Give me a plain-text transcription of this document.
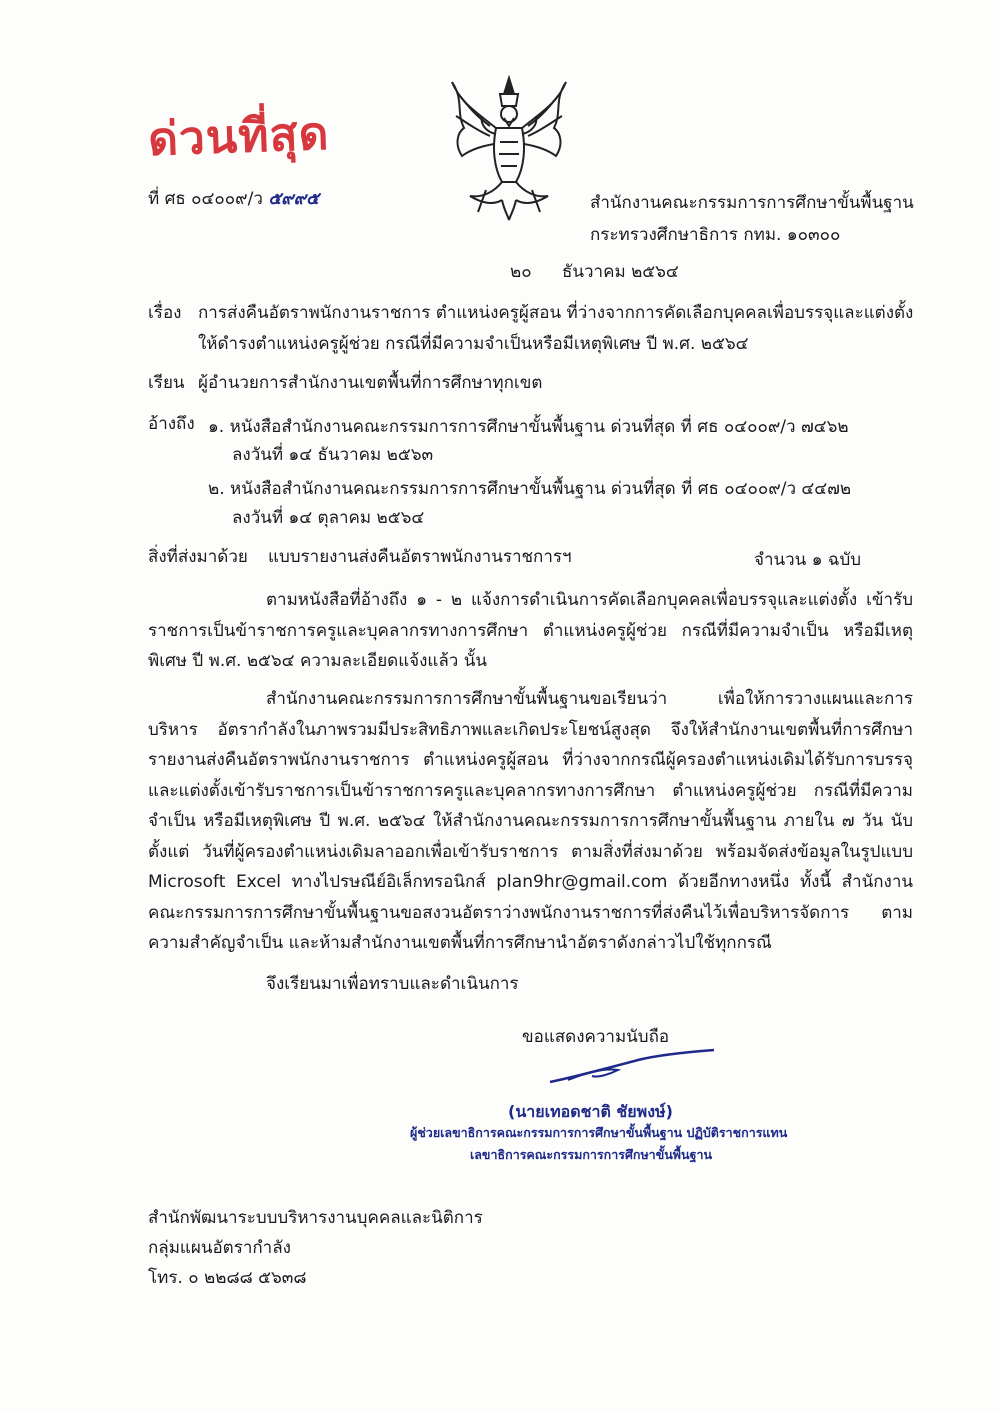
ด่วนที่สุด
ที่ ศธ ๐๔๐๐๙/ว ๕๙๙๕	สำนักงานคณะกรรมการการศึกษาขั้นพื้นฐาน
กระทรวงศึกษาธิการ กทม. ๑๐๓๐๐
๒๐ ธันวาคม ๒๕๖๔
เรื่อง การส่งคืนอัตราพนักงานราชการ ตำแหน่งครูผู้สอน ที่ว่างจากการคัดเลือกบุคคลเพื่อบรรจุและแต่งตั้ง
ให้ดำรงตำแหน่งครูผู้ช่วย กรณีที่มีความจำเป็นหรือมีเหตุพิเศษ ปี พ.ศ. ๒๕๖๔
เรียน ผู้อำนวยการสำนักงานเขตพื้นที่การศึกษาทุกเขต
อ้างถึง ๑. หนังสือสำนักงานคณะกรรมการการศึกษาขั้นพื้นฐาน ด่วนที่สุด ที่ ศธ ๐๔๐๐๙/ว ๗๔๖๒
ลงวันที่ ๑๔ ธันวาคม ๒๕๖๓
๒. หนังสือสำนักงานคณะกรรมการการศึกษาขั้นพื้นฐาน ด่วนที่สุด ที่ ศธ ๐๔๐๐๙/ว ๔๔๗๒
ลงวันที่ ๑๔ ตุลาคม ๒๕๖๔
สิ่งที่ส่งมาด้วย แบบรายงานส่งคืนอัตราพนักงานราชการฯ	จำนวน ๑ ฉบับ
ตามหนังสือที่อ้างถึง ๑ - ๒ แจ้งการดำเนินการคัดเลือกบุคคลเพื่อบรรจุและแต่งตั้ง เข้ารับราชการเป็นข้าราชการครูและบุคลากรทางการศึกษา ตำแหน่งครูผู้ช่วย กรณีที่มีความจำเป็น หรือมีเหตุพิเศษ ปี พ.ศ. ๒๕๖๔ ความละเอียดแจ้งแล้ว นั้น
สำนักงานคณะกรรมการการศึกษาขั้นพื้นฐานขอเรียนว่า เพื่อให้การวางแผนและการบริหาร อัตรากำลังในภาพรวมมีประสิทธิภาพและเกิดประโยชน์สูงสุด จึงให้สำนักงานเขตพื้นที่การศึกษา รายงานส่งคืนอัตราพนักงานราชการ ตำแหน่งครูผู้สอน ที่ว่างจากกรณีผู้ครองตำแหน่งเดิมได้รับการบรรจุ และแต่งตั้งเข้ารับราชการเป็นข้าราชการครูและบุคลากรทางการศึกษา ตำแหน่งครูผู้ช่วย กรณีที่มีความจำเป็น หรือมีเหตุพิเศษ ปี พ.ศ. ๒๕๖๔ ให้สำนักงานคณะกรรมการการศึกษาขั้นพื้นฐาน ภายใน ๗ วัน นับตั้งแต่ วันที่ผู้ครองตำแหน่งเดิมลาออกเพื่อเข้ารับราชการ ตามสิ่งที่ส่งมาด้วย พร้อมจัดส่งข้อมูลในรูปแบบ Microsoft Excel ทางไปรษณีย์อิเล็กทรอนิกส์ plan9hr@gmail.com ด้วยอีกทางหนึ่ง ทั้งนี้ สำนักงาน คณะกรรมการการศึกษาขั้นพื้นฐานขอสงวนอัตราว่างพนักงานราชการที่ส่งคืนไว้เพื่อบริหารจัดการ ตามความสำคัญจำเป็น และห้ามสำนักงานเขตพื้นที่การศึกษานำอัตราดังกล่าวไปใช้ทุกกรณี
จึงเรียนมาเพื่อทราบและดำเนินการ
ขอแสดงความนับถือ
(นายเทอดชาติ ชัยพงษ์)
ผู้ช่วยเลขาธิการคณะกรรมการการศึกษาขั้นพื้นฐาน ปฏิบัติราชการแทน
เลขาธิการคณะกรรมการการศึกษาขั้นพื้นฐาน
สำนักพัฒนาระบบบริหารงานบุคคลและนิติการ
กลุ่มแผนอัตรากำลัง
โทร. ๐ ๒๒๘๘ ๕๖๓๘
